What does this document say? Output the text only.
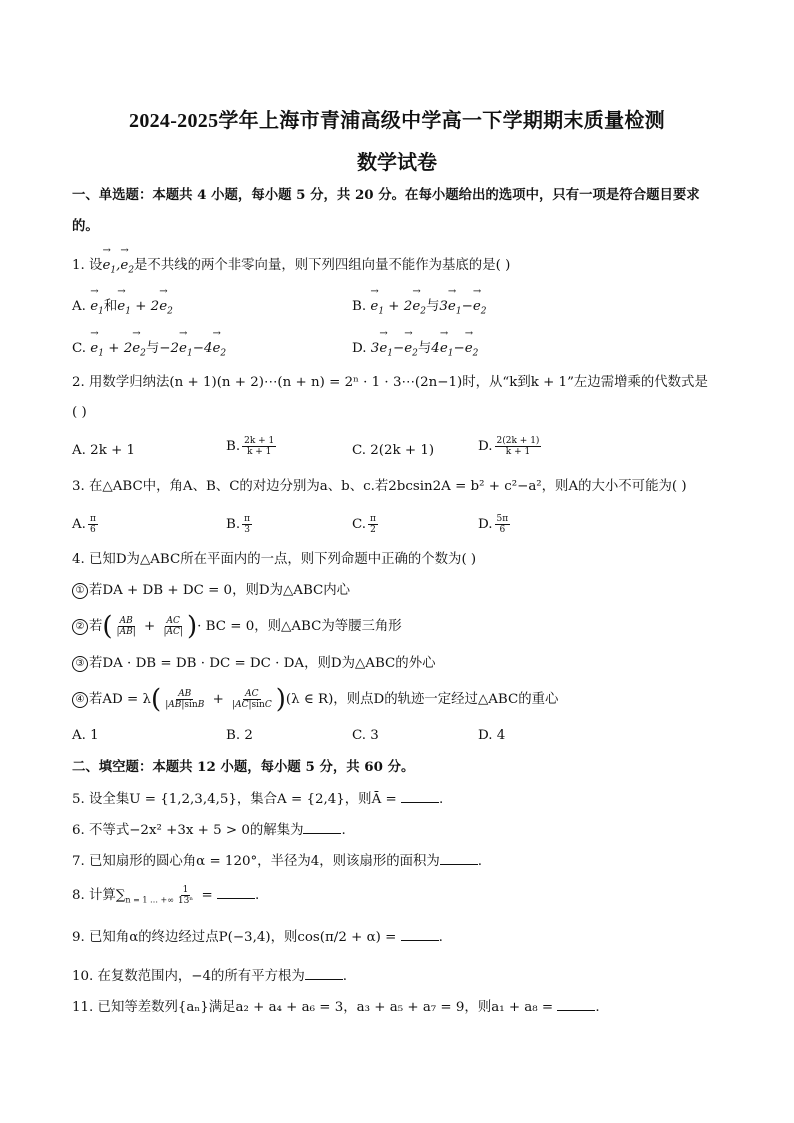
2024-2025学年上海市青浦高级中学高一下学期期末质量检测
数学试卷
一、单选题：本题共 4 小题，每小题 5 分，共 20 分。在每小题给出的选项中，只有一项是符合题目要求
的。
1. 设→ $e_1,\to e_2$是不共线的两个非零向量，则下列四组向量不能作为基底的是( )
A. → $e_1$和→ $e_1 + 2\to e_2$	B. → $e_1 + 2\to e_2$与$3\to e_1-\to e_2$
C. → $e_1 + 2\to e_2$与$-2\to e_1-4\to e_2$	D. $3\to e_1-\to e_2$与$4\to e_1-\to e_2$
2. 用数学归纳法(n + 1)(n + 2)⋯(n + n) = 2ⁿ · 1 · 3⋯(2n−1)时，从“k到k + 1”左边需增乘的代数式是
( )
A. 2k + 1	B. $\frac{2k + 1}{k + 1}$	C. 2(2k + 1)	D. $\frac{2(2k + 1)}{k + 1}$
3. 在△ABC中，角A、B、C的对边分别为a、b、c.若2bcsin2A = b² + c²−a²，则A的大小不可能为( )
A. $\frac{\pi}{6}$	B. $\frac{\pi}{3}$	C. $\frac{\pi}{2}$	D. $\frac{5\pi}{6}$
4. 已知D为△ABC所在平面内的一点，则下列命题中正确的个数为( )
① 若DA + DB + DC = 0，则D为△ABC内心
② 若( $\frac{AB}{|AB|} + \frac{AC}{|AC|}$ )· BC = 0，则△ABC为等腰三角形
③ 若DA · DB = DB · DC = DC · DA，则D为△ABC的外心
④ 若AD = $\lambda( \frac{AB}{|AB|\sin B} + \frac{AC}{|AC|\sin C} )(\lambda$ ∈ R)，则点D的轨迹一定经过△ABC的重心
A. 1	B. 2	C. 3	D. 4
二、填空题：本题共 12 小题，每小题 5 分，共 60 分。
5. 设全集U = {1,2,3,4,5}，集合A = {2,4}，则Ā =	.
6. 不等式−2x² +3x + 5 > 0的解集为	.
7. 已知扇形的圆心角α = 120°，半径为4，则该扇形的面积为	.
8. 计算$\sum_{n = 1 \dots +\infty} \frac{1}{\text{13ⁿ}}$ =	.
9. 已知角α的终边经过点P(−3,4)，则cos(π/2 + α) =	.
10. 在复数范围内，−4的所有平方根为	.
11. 已知等差数列{aₙ}满足a₂ + a₄ + a₆ = 3，a₃ + a₅ + a₇ = 9，则a₁ + a₈ =	.
